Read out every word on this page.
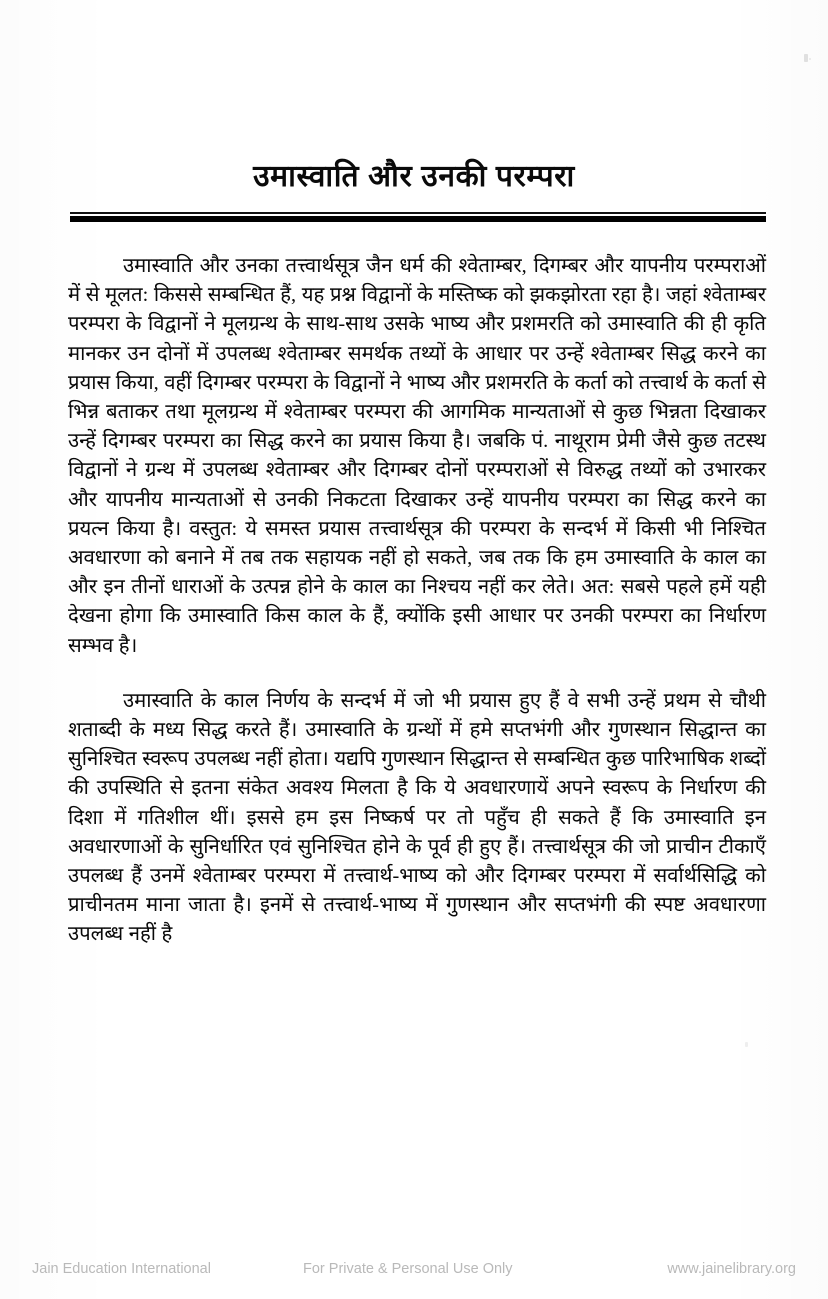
उमास्वाति और उनकी परम्परा

उमास्वाति और उनका तत्त्वार्थसूत्र जैन धर्म की श्वेताम्बर, दिगम्बर और यापनीय परम्पराओं में से मूलत: किससे सम्बन्धित हैं, यह प्रश्न विद्वानों के मस्तिष्क को झकझोरता रहा है। जहां श्वेताम्बर परम्परा के विद्वानों ने मूलग्रन्थ के साथ-साथ उसके भाष्य और प्रशमरति को उमास्वाति की ही कृति मान‍कर उन दोनों में उपलब्ध श्वेताम्बर समर्थक तथ्यों के आधार पर उन्हें श्वेताम्बर सिद्ध करने का प्रयास किया, वहीं दिगम्बर परम्परा के विद्वानों ने भाष्य और प्रशमरति के कर्ता को तत्त्वार्थ के कर्ता से भिन्न बताकर तथा मूलग्रन्थ में श्वेताम्बर परम्परा की आगमिक मान्यताओं से कुछ भिन्नता दिखाकर उन्हें दिगम्बर परम्परा का सिद्ध करने का प्रयास किया है। जबकि पं. नाथूराम प्रेमी जैसे कुछ तटस्थ विद्वानों ने ग्रन्थ में उपलब्ध श्वेताम्बर और दिगम्बर दोनों परम्पराओं से विरुद्ध तथ्यों को उभारकर और यापनीय मान्यताओं से उनकी निकटता दिखाकर उन्हें यापनीय परम्परा का सिद्ध करने का प्रयत्न किया है। वस्तुत: ये समस्त प्रयास तत्त्वार्थसूत्र की परम्परा के सन्दर्भ में किसी भी निश्चित अवधारणा को बनाने में तब तक सहायक नहीं हो सकते, जब तक कि हम उमास्वाति के काल का और इन तीनों धाराओं के उत्पन्न होने के काल का निश्चय नहीं कर लेते। अत: सबसे पहले हमें यही देखना होगा कि उमास्वाति किस काल के हैं, क्योंकि इसी आधार पर उनकी परम्परा का निर्धारण सम्भव है।

उमास्वाति के काल निर्णय के सन्दर्भ में जो भी प्रयास हुए हैं वे सभी उन्हें प्रथम से चौथी शताब्दी के मध्य सिद्ध करते हैं। उमास्वाति के ग्रन्थों में हमे सप्तभंगी और गुणस्थान सिद्धान्त का सुनिश्चित स्वरूप उपलब्ध नहीं होता। यद्यपि गुणस्थान सिद्धान्त से सम्बन्धित कुछ पारिभाषिक शब्दों की उपस्थिति से इतना संकेत अवश्य मिलता है कि ये अवधारणायें अपने स्वरूप के निर्धारण की दिशा में गतिशील थीं। इससे हम इस निष्कर्ष पर तो पहुँच ही सकते हैं कि उमास्वाति इन अवधारणाओं के सुनिर्धारित एवं सुनिश्चित होने के पूर्व ही हुए हैं। तत्त्वार्थसूत्र की जो प्राचीन टीकाएँ उपलब्ध हैं उनमें श्वेताम्बर परम्परा में तत्त्वार्थ-भाष्य को और दिगम्बर परम्परा में सर्वार्थसिद्धि को प्राचीनतम माना जाता है। इनमें से तत्त्वार्थ-भाष्य में गुणस्थान और सप्तभंगी की स्पष्ट अवधारणा उपलब्ध नहीं है

Jain Education International	For Private & Personal Use Only	www.jainelibrary.org
